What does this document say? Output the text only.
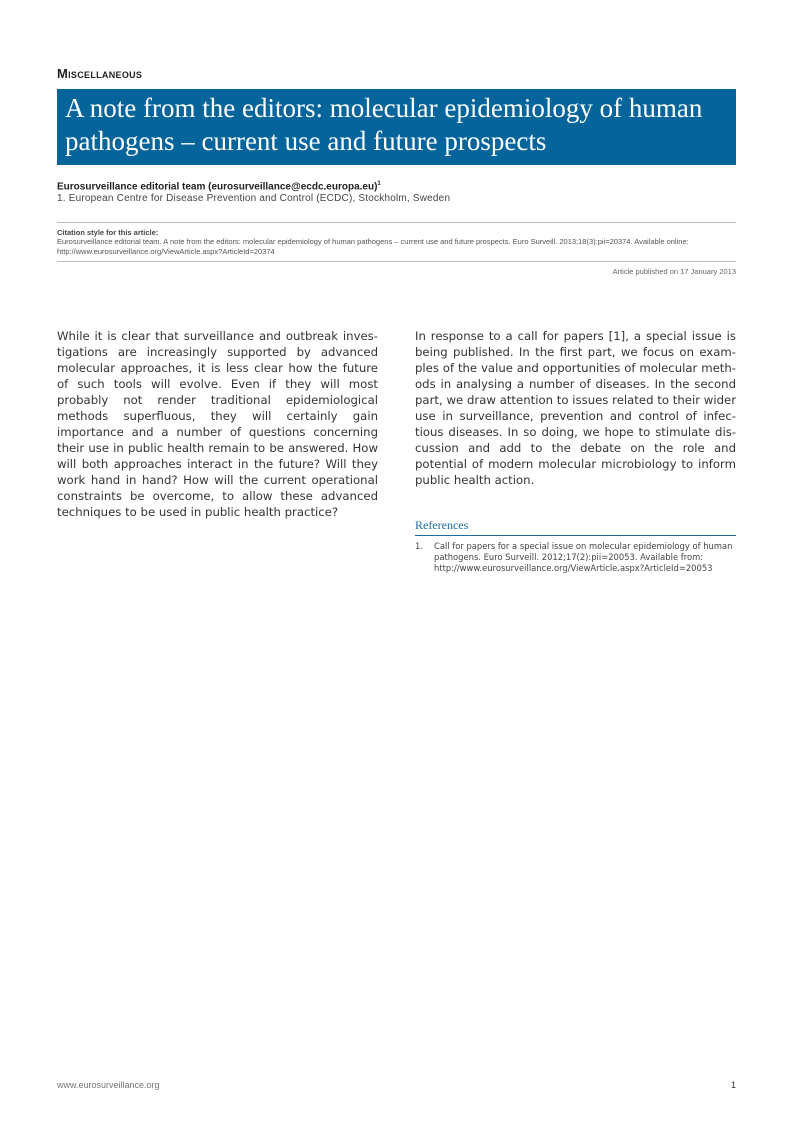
Miscellaneous
A note from the editors: molecular epidemiology of human pathogens – current use and future prospects
Eurosurveillance editorial team (eurosurveillance@ecdc.europa.eu)$^1$
1. European Centre for Disease Prevention and Control (ECDC), Stockholm, Sweden
Citation style for this article:
Eurosurveillance editorial team. A note from the editors: molecular epidemiology of human pathogens – current use and future prospects. Euro Surveill. 2013;18(3):pii=20374. Available online: http://www.eurosurveillance.org/ViewArticle.aspx?ArticleId=20374
Article published on 17 January 2013

While it is clear that surveillance and outbreak investigations are increasingly supported by advanced molecular approaches, it is less clear how the future of such tools will evolve. Even if they will most probably not render traditional epidemiological methods superfluous, they will certainly gain importance and a number of questions concerning their use in public health remain to be answered. How will both approaches interact in the future? Will they work hand in hand? How will the current operational constraints be overcome, to allow these advanced techniques to be used in public health practice?

In response to a call for papers [1], a special issue is being published. In the first part, we focus on examples of the value and opportunities of molecular methods in analysing a number of diseases. In the second part, we draw attention to issues related to their wider use in surveillance, prevention and control of infectious diseases. In so doing, we hope to stimulate discussion and add to the debate on the role and potential of modern molecular microbiology to inform public health action.

References
1. Call for papers for a special issue on molecular epidemiology of human pathogens. Euro Surveill. 2012;17(2):pii=20053. Available from: http://www.eurosurveillance.org/ViewArticle.aspx?ArticleId=20053
www.eurosurveillance.org	1
